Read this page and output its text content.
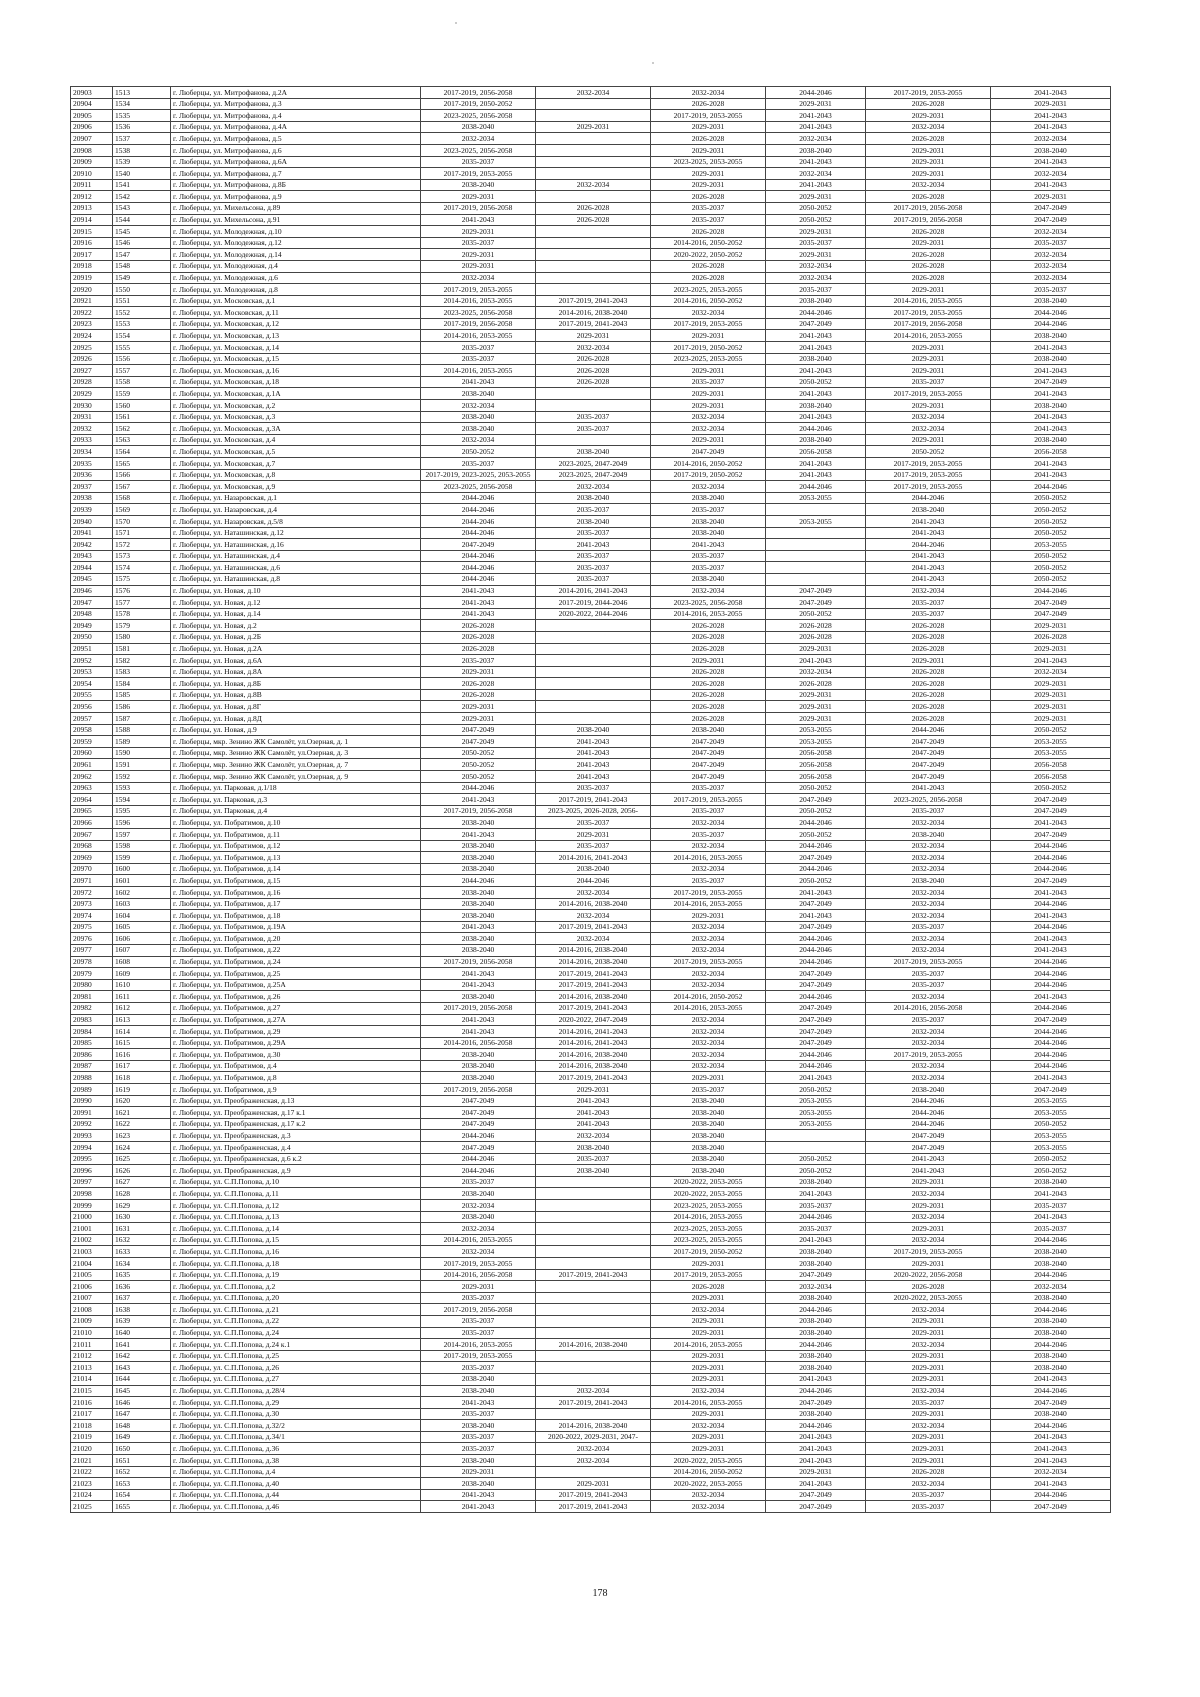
20903	1513	г. Люберцы, ул. Митрофанова, д.2А	2017-2019, 2056-2058	2032-2034	2032-2034	2044-2046	2017-2019, 2053-2055	2041-2043
20904	1534	г. Люберцы, ул. Митрофанова, д.3	2017-2019, 2050-2052		2026-2028	2029-2031	2026-2028	2029-2031
20905	1535	г. Люберцы, ул. Митрофанова, д.4	2023-2025, 2056-2058		2017-2019, 2053-2055	2041-2043	2029-2031	2041-2043
20906	1536	г. Люберцы, ул. Митрофанова, д.4А	2038-2040	2029-2031	2029-2031	2041-2043	2032-2034	2041-2043
20907	1537	г. Люберцы, ул. Митрофанова, д.5	2032-2034		2026-2028	2032-2034	2026-2028	2032-2034
20908	1538	г. Люберцы, ул. Митрофанова, д.6	2023-2025, 2056-2058		2029-2031	2038-2040	2029-2031	2038-2040
20909	1539	г. Люберцы, ул. Митрофанова, д.6А	2035-2037		2023-2025, 2053-2055	2041-2043	2029-2031	2041-2043
20910	1540	г. Люберцы, ул. Митрофанова, д.7	2017-2019, 2053-2055		2029-2031	2032-2034	2029-2031	2032-2034
20911	1541	г. Люберцы, ул. Митрофанова, д.8Б	2038-2040	2032-2034	2029-2031	2041-2043	2032-2034	2041-2043
20912	1542	г. Люберцы, ул. Митрофанова, д.9	2029-2031		2026-2028	2029-2031	2026-2028	2029-2031
20913	1543	г. Люберцы, ул. Михельсона, д.89	2017-2019, 2056-2058	2026-2028	2035-2037	2050-2052	2017-2019, 2056-2058	2047-2049
20914	1544	г. Люберцы, ул. Михельсона, д.91	2041-2043	2026-2028	2035-2037	2050-2052	2017-2019, 2056-2058	2047-2049
20915	1545	г. Люберцы, ул. Молодежная, д.10	2029-2031		2026-2028	2029-2031	2026-2028	2032-2034
20916	1546	г. Люберцы, ул. Молодежная, д.12	2035-2037		2014-2016, 2050-2052	2035-2037	2029-2031	2035-2037
20917	1547	г. Люберцы, ул. Молодежная, д.14	2029-2031		2020-2022, 2050-2052	2029-2031	2026-2028	2032-2034
20918	1548	г. Люберцы, ул. Молодежная, д.4	2029-2031		2026-2028	2032-2034	2026-2028	2032-2034
20919	1549	г. Люберцы, ул. Молодежная, д.6	2032-2034		2026-2028	2032-2034	2026-2028	2032-2034
20920	1550	г. Люберцы, ул. Молодежная, д.8	2017-2019, 2053-2055		2023-2025, 2053-2055	2035-2037	2029-2031	2035-2037
20921	1551	г. Люберцы, ул. Московская, д.1	2014-2016, 2053-2055	2017-2019, 2041-2043	2014-2016, 2050-2052	2038-2040	2014-2016, 2053-2055	2038-2040
20922	1552	г. Люберцы, ул. Московская, д.11	2023-2025, 2056-2058	2014-2016, 2038-2040	2032-2034	2044-2046	2017-2019, 2053-2055	2044-2046
20923	1553	г. Люберцы, ул. Московская, д.12	2017-2019, 2056-2058	2017-2019, 2041-2043	2017-2019, 2053-2055	2047-2049	2017-2019, 2056-2058	2044-2046
20924	1554	г. Люберцы, ул. Московская, д.13	2014-2016, 2053-2055	2029-2031	2029-2031	2041-2043	2014-2016, 2053-2055	2038-2040
20925	1555	г. Люберцы, ул. Московская, д.14	2035-2037	2032-2034	2017-2019, 2050-2052	2041-2043	2029-2031	2041-2043
20926	1556	г. Люберцы, ул. Московская, д.15	2035-2037	2026-2028	2023-2025, 2053-2055	2038-2040	2029-2031	2038-2040
20927	1557	г. Люберцы, ул. Московская, д.16	2014-2016, 2053-2055	2026-2028	2029-2031	2041-2043	2029-2031	2041-2043
20928	1558	г. Люберцы, ул. Московская, д.18	2041-2043	2026-2028	2035-2037	2050-2052	2035-2037	2047-2049
20929	1559	г. Люберцы, ул. Московская, д.1А	2038-2040		2029-2031	2041-2043	2017-2019, 2053-2055	2041-2043
20930	1560	г. Люберцы, ул. Московская, д.2	2032-2034		2029-2031	2038-2040	2029-2031	2038-2040
20931	1561	г. Люберцы, ул. Московская, д.3	2038-2040	2035-2037	2032-2034	2041-2043	2032-2034	2041-2043
20932	1562	г. Люберцы, ул. Московская, д.3А	2038-2040	2035-2037	2032-2034	2044-2046	2032-2034	2041-2043
20933	1563	г. Люберцы, ул. Московская, д.4	2032-2034		2029-2031	2038-2040	2029-2031	2038-2040
20934	1564	г. Люберцы, ул. Московская, д.5	2050-2052	2038-2040	2047-2049	2056-2058	2050-2052	2056-2058
20935	1565	г. Люберцы, ул. Московская, д.7	2035-2037	2023-2025, 2047-2049	2014-2016, 2050-2052	2041-2043	2017-2019, 2053-2055	2041-2043
20936	1566	г. Люберцы, ул. Московская, д.8	2017-2019, 2023-2025, 2053-2055	2023-2025, 2047-2049	2017-2019, 2050-2052	2041-2043	2017-2019, 2053-2055	2041-2043
20937	1567	г. Люберцы, ул. Московская, д.9	2023-2025, 2056-2058	2032-2034	2032-2034	2044-2046	2017-2019, 2053-2055	2044-2046
20938	1568	г. Люберцы, ул. Назаровская, д.1	2044-2046	2038-2040	2038-2040	2053-2055	2044-2046	2050-2052
20939	1569	г. Люберцы, ул. Назаровская, д.4	2044-2046	2035-2037	2035-2037		2038-2040	2050-2052
20940	1570	г. Люберцы, ул. Назаровская, д.5/8	2044-2046	2038-2040	2038-2040	2053-2055	2041-2043	2050-2052
20941	1571	г. Люберцы, ул. Наташинская, д.12	2044-2046	2035-2037	2038-2040		2041-2043	2050-2052
20942	1572	г. Люберцы, ул. Наташинская, д.16	2047-2049	2041-2043	2041-2043		2044-2046	2053-2055
20943	1573	г. Люберцы, ул. Наташинская, д.4	2044-2046	2035-2037	2035-2037		2041-2043	2050-2052
20944	1574	г. Люберцы, ул. Наташинская, д.6	2044-2046	2035-2037	2035-2037		2041-2043	2050-2052
20945	1575	г. Люберцы, ул. Наташинская, д.8	2044-2046	2035-2037	2038-2040		2041-2043	2050-2052
20946	1576	г. Люберцы, ул. Новая, д.10	2041-2043	2014-2016, 2041-2043	2032-2034	2047-2049	2032-2034	2044-2046
20947	1577	г. Люберцы, ул. Новая, д.12	2041-2043	2017-2019, 2044-2046	2023-2025, 2056-2058	2047-2049	2035-2037	2047-2049
20948	1578	г. Люберцы, ул. Новая, д.14	2041-2043	2020-2022, 2044-2046	2014-2016, 2053-2055	2050-2052	2035-2037	2047-2049
20949	1579	г. Люберцы, ул. Новая, д.2	2026-2028		2026-2028	2026-2028	2026-2028	2029-2031
20950	1580	г. Люберцы, ул. Новая, д.2Б	2026-2028		2026-2028	2026-2028	2026-2028	2026-2028
20951	1581	г. Люберцы, ул. Новая, д.2А	2026-2028		2026-2028	2029-2031	2026-2028	2029-2031
20952	1582	г. Люберцы, ул. Новая, д.6А	2035-2037		2029-2031	2041-2043	2029-2031	2041-2043
20953	1583	г. Люберцы, ул. Новая, д.8А	2029-2031		2026-2028	2032-2034	2026-2028	2032-2034
20954	1584	г. Люберцы, ул. Новая, д.8Б	2026-2028		2026-2028	2026-2028	2026-2028	2029-2031
20955	1585	г. Люберцы, ул. Новая, д.8В	2026-2028		2026-2028	2029-2031	2026-2028	2029-2031
20956	1586	г. Люберцы, ул. Новая, д.8Г	2029-2031		2026-2028	2029-2031	2026-2028	2029-2031
20957	1587	г. Люберцы, ул. Новая, д.8Д	2029-2031		2026-2028	2029-2031	2026-2028	2029-2031
20958	1588	г. Люберцы, ул. Новая, д.9	2047-2049	2038-2040	2038-2040	2053-2055	2044-2046	2050-2052
20959	1589	г. Люберцы, мкр. Зенино ЖК Самолёт, ул.Озерная, д. 1	2047-2049	2041-2043	2047-2049	2053-2055	2047-2049	2053-2055
20960	1590	г. Люберцы, мкр. Зенино ЖК Самолёт, ул.Озерная, д. 3	2050-2052	2041-2043	2047-2049	2056-2058	2047-2049	2053-2055
20961	1591	г. Люберцы, мкр. Зенино ЖК Самолёт, ул.Озерная, д. 7	2050-2052	2041-2043	2047-2049	2056-2058	2047-2049	2056-2058
20962	1592	г. Люберцы, мкр. Зенино ЖК Самолёт, ул.Озерная, д. 9	2050-2052	2041-2043	2047-2049	2056-2058	2047-2049	2056-2058
20963	1593	г. Люберцы, ул. Парковая, д.1/18	2044-2046	2035-2037	2035-2037	2050-2052	2041-2043	2050-2052
20964	1594	г. Люберцы, ул. Парковая, д.3	2041-2043	2017-2019, 2041-2043	2017-2019, 2053-2055	2047-2049	2023-2025, 2056-2058	2047-2049
20965	1595	г. Люберцы, ул. Парковая, д.4	2017-2019, 2056-2058	2023-2025, 2026-2028, 2056-	2035-2037	2050-2052	2035-2037	2047-2049
20966	1596	г. Люберцы, ул. Побратимов, д.10	2038-2040	2035-2037	2032-2034	2044-2046	2032-2034	2041-2043
20967	1597	г. Люберцы, ул. Побратимов, д.11	2041-2043	2029-2031	2035-2037	2050-2052	2038-2040	2047-2049
20968	1598	г. Люберцы, ул. Побратимов, д.12	2038-2040	2035-2037	2032-2034	2044-2046	2032-2034	2044-2046
20969	1599	г. Люберцы, ул. Побратимов, д.13	2038-2040	2014-2016, 2041-2043	2014-2016, 2053-2055	2047-2049	2032-2034	2044-2046
20970	1600	г. Люберцы, ул. Побратимов, д.14	2038-2040	2038-2040	2032-2034	2044-2046	2032-2034	2044-2046
20971	1601	г. Люберцы, ул. Побратимов, д.15	2044-2046	2044-2046	2035-2037	2050-2052	2038-2040	2047-2049
20972	1602	г. Люберцы, ул. Побратимов, д.16	2038-2040	2032-2034	2017-2019, 2053-2055	2041-2043	2032-2034	2041-2043
20973	1603	г. Люберцы, ул. Побратимов, д.17	2038-2040	2014-2016, 2038-2040	2014-2016, 2053-2055	2047-2049	2032-2034	2044-2046
20974	1604	г. Люберцы, ул. Побратимов, д.18	2038-2040	2032-2034	2029-2031	2041-2043	2032-2034	2041-2043
20975	1605	г. Люберцы, ул. Побратимов, д.19А	2041-2043	2017-2019, 2041-2043	2032-2034	2047-2049	2035-2037	2044-2046
20976	1606	г. Люберцы, ул. Побратимов, д.20	2038-2040	2032-2034	2032-2034	2044-2046	2032-2034	2041-2043
20977	1607	г. Люберцы, ул. Побратимов, д.22	2038-2040	2014-2016, 2038-2040	2032-2034	2044-2046	2032-2034	2041-2043
20978	1608	г. Люберцы, ул. Побратимов, д.24	2017-2019, 2056-2058	2014-2016, 2038-2040	2017-2019, 2053-2055	2044-2046	2017-2019, 2053-2055	2044-2046
20979	1609	г. Люберцы, ул. Побратимов, д.25	2041-2043	2017-2019, 2041-2043	2032-2034	2047-2049	2035-2037	2044-2046
20980	1610	г. Люберцы, ул. Побратимов, д.25А	2041-2043	2017-2019, 2041-2043	2032-2034	2047-2049	2035-2037	2044-2046
20981	1611	г. Люберцы, ул. Побратимов, д.26	2038-2040	2014-2016, 2038-2040	2014-2016, 2050-2052	2044-2046	2032-2034	2041-2043
20982	1612	г. Люберцы, ул. Побратимов, д.27	2017-2019, 2056-2058	2017-2019, 2041-2043	2014-2016, 2053-2055	2047-2049	2014-2016, 2056-2058	2044-2046
20983	1613	г. Люберцы, ул. Побратимов, д.27А	2041-2043	2020-2022, 2047-2049	2032-2034	2047-2049	2035-2037	2047-2049
20984	1614	г. Люберцы, ул. Побратимов, д.29	2041-2043	2014-2016, 2041-2043	2032-2034	2047-2049	2032-2034	2044-2046
20985	1615	г. Люберцы, ул. Побратимов, д.29А	2014-2016, 2056-2058	2014-2016, 2041-2043	2032-2034	2047-2049	2032-2034	2044-2046
20986	1616	г. Люберцы, ул. Побратимов, д.30	2038-2040	2014-2016, 2038-2040	2032-2034	2044-2046	2017-2019, 2053-2055	2044-2046
20987	1617	г. Люберцы, ул. Побратимов, д.4	2038-2040	2014-2016, 2038-2040	2032-2034	2044-2046	2032-2034	2044-2046
20988	1618	г. Люберцы, ул. Побратимов, д.8	2038-2040	2017-2019, 2041-2043	2029-2031	2041-2043	2032-2034	2041-2043
20989	1619	г. Люберцы, ул. Побратимов, д.9	2017-2019, 2056-2058	2029-2031	2035-2037	2050-2052	2038-2040	2047-2049
20990	1620	г. Люберцы, ул. Преображенская, д.13	2047-2049	2041-2043	2038-2040	2053-2055	2044-2046	2053-2055
20991	1621	г. Люберцы, ул. Преображенская, д.17 к.1	2047-2049	2041-2043	2038-2040	2053-2055	2044-2046	2053-2055
20992	1622	г. Люберцы, ул. Преображенская, д.17 к.2	2047-2049	2041-2043	2038-2040	2053-2055	2044-2046	2050-2052
20993	1623	г. Люберцы, ул. Преображенская, д.3	2044-2046	2032-2034	2038-2040		2047-2049	2053-2055
20994	1624	г. Люберцы, ул. Преображенская, д.4	2047-2049	2038-2040	2038-2040		2047-2049	2053-2055
20995	1625	г. Люберцы, ул. Преображенская, д.6 к.2	2044-2046	2035-2037	2038-2040	2050-2052	2041-2043	2050-2052
20996	1626	г. Люберцы, ул. Преображенская, д.9	2044-2046	2038-2040	2038-2040	2050-2052	2041-2043	2050-2052
20997	1627	г. Люберцы, ул. С.П.Попова, д.10	2035-2037		2020-2022, 2053-2055	2038-2040	2029-2031	2038-2040
20998	1628	г. Люберцы, ул. С.П.Попова, д.11	2038-2040		2020-2022, 2053-2055	2041-2043	2032-2034	2041-2043
20999	1629	г. Люберцы, ул. С.П.Попова, д.12	2032-2034		2023-2025, 2053-2055	2035-2037	2029-2031	2035-2037
21000	1630	г. Люберцы, ул. С.П.Попова, д.13	2038-2040		2014-2016, 2053-2055	2044-2046	2032-2034	2041-2043
21001	1631	г. Люберцы, ул. С.П.Попова, д.14	2032-2034		2023-2025, 2053-2055	2035-2037	2029-2031	2035-2037
21002	1632	г. Люберцы, ул. С.П.Попова, д.15	2014-2016, 2053-2055		2023-2025, 2053-2055	2041-2043	2032-2034	2044-2046
21003	1633	г. Люберцы, ул. С.П.Попова, д.16	2032-2034		2017-2019, 2050-2052	2038-2040	2017-2019, 2053-2055	2038-2040
21004	1634	г. Люберцы, ул. С.П.Попова, д.18	2017-2019, 2053-2055		2029-2031	2038-2040	2029-2031	2038-2040
21005	1635	г. Люберцы, ул. С.П.Попова, д.19	2014-2016, 2056-2058	2017-2019, 2041-2043	2017-2019, 2053-2055	2047-2049	2020-2022, 2056-2058	2044-2046
21006	1636	г. Люберцы, ул. С.П.Попова, д.2	2029-2031		2026-2028	2032-2034	2026-2028	2032-2034
21007	1637	г. Люберцы, ул. С.П.Попова, д.20	2035-2037		2029-2031	2038-2040	2020-2022, 2053-2055	2038-2040
21008	1638	г. Люберцы, ул. С.П.Попова, д.21	2017-2019, 2056-2058		2032-2034	2044-2046	2032-2034	2044-2046
21009	1639	г. Люберцы, ул. С.П.Попова, д.22	2035-2037		2029-2031	2038-2040	2029-2031	2038-2040
21010	1640	г. Люберцы, ул. С.П.Попова, д.24	2035-2037		2029-2031	2038-2040	2029-2031	2038-2040
21011	1641	г. Люберцы, ул. С.П.Попова, д.24 к.1	2014-2016, 2053-2055	2014-2016, 2038-2040	2014-2016, 2053-2055	2044-2046	2032-2034	2044-2046
21012	1642	г. Люберцы, ул. С.П.Попова, д.25	2017-2019, 2053-2055		2029-2031	2038-2040	2029-2031	2038-2040
21013	1643	г. Люберцы, ул. С.П.Попова, д.26	2035-2037		2029-2031	2038-2040	2029-2031	2038-2040
21014	1644	г. Люберцы, ул. С.П.Попова, д.27	2038-2040		2029-2031	2041-2043	2029-2031	2041-2043
21015	1645	г. Люберцы, ул. С.П.Попова, д.28/4	2038-2040	2032-2034	2032-2034	2044-2046	2032-2034	2044-2046
21016	1646	г. Люберцы, ул. С.П.Попова, д.29	2041-2043	2017-2019, 2041-2043	2014-2016, 2053-2055	2047-2049	2035-2037	2047-2049
21017	1647	г. Люберцы, ул. С.П.Попова, д.30	2035-2037		2029-2031	2038-2040	2029-2031	2038-2040
21018	1648	г. Люберцы, ул. С.П.Попова, д.32/2	2038-2040	2014-2016, 2038-2040	2032-2034	2044-2046	2032-2034	2044-2046
21019	1649	г. Люберцы, ул. С.П.Попова, д.34/1	2035-2037	2020-2022, 2029-2031, 2047-	2029-2031	2041-2043	2029-2031	2041-2043
21020	1650	г. Люберцы, ул. С.П.Попова, д.36	2035-2037	2032-2034	2029-2031	2041-2043	2029-2031	2041-2043
21021	1651	г. Люберцы, ул. С.П.Попова, д.38	2038-2040	2032-2034	2020-2022, 2053-2055	2041-2043	2029-2031	2041-2043
21022	1652	г. Люберцы, ул. С.П.Попова, д.4	2029-2031		2014-2016, 2050-2052	2029-2031	2026-2028	2032-2034
21023	1653	г. Люберцы, ул. С.П.Попова, д.40	2038-2040	2029-2031	2020-2022, 2053-2055	2041-2043	2032-2034	2041-2043
21024	1654	г. Люберцы, ул. С.П.Попова, д.44	2041-2043	2017-2019, 2041-2043	2032-2034	2047-2049	2035-2037	2044-2046
21025	1655	г. Люберцы, ул. С.П.Попова, д.46	2041-2043	2017-2019, 2041-2043	2032-2034	2047-2049	2035-2037	2047-2049
178
